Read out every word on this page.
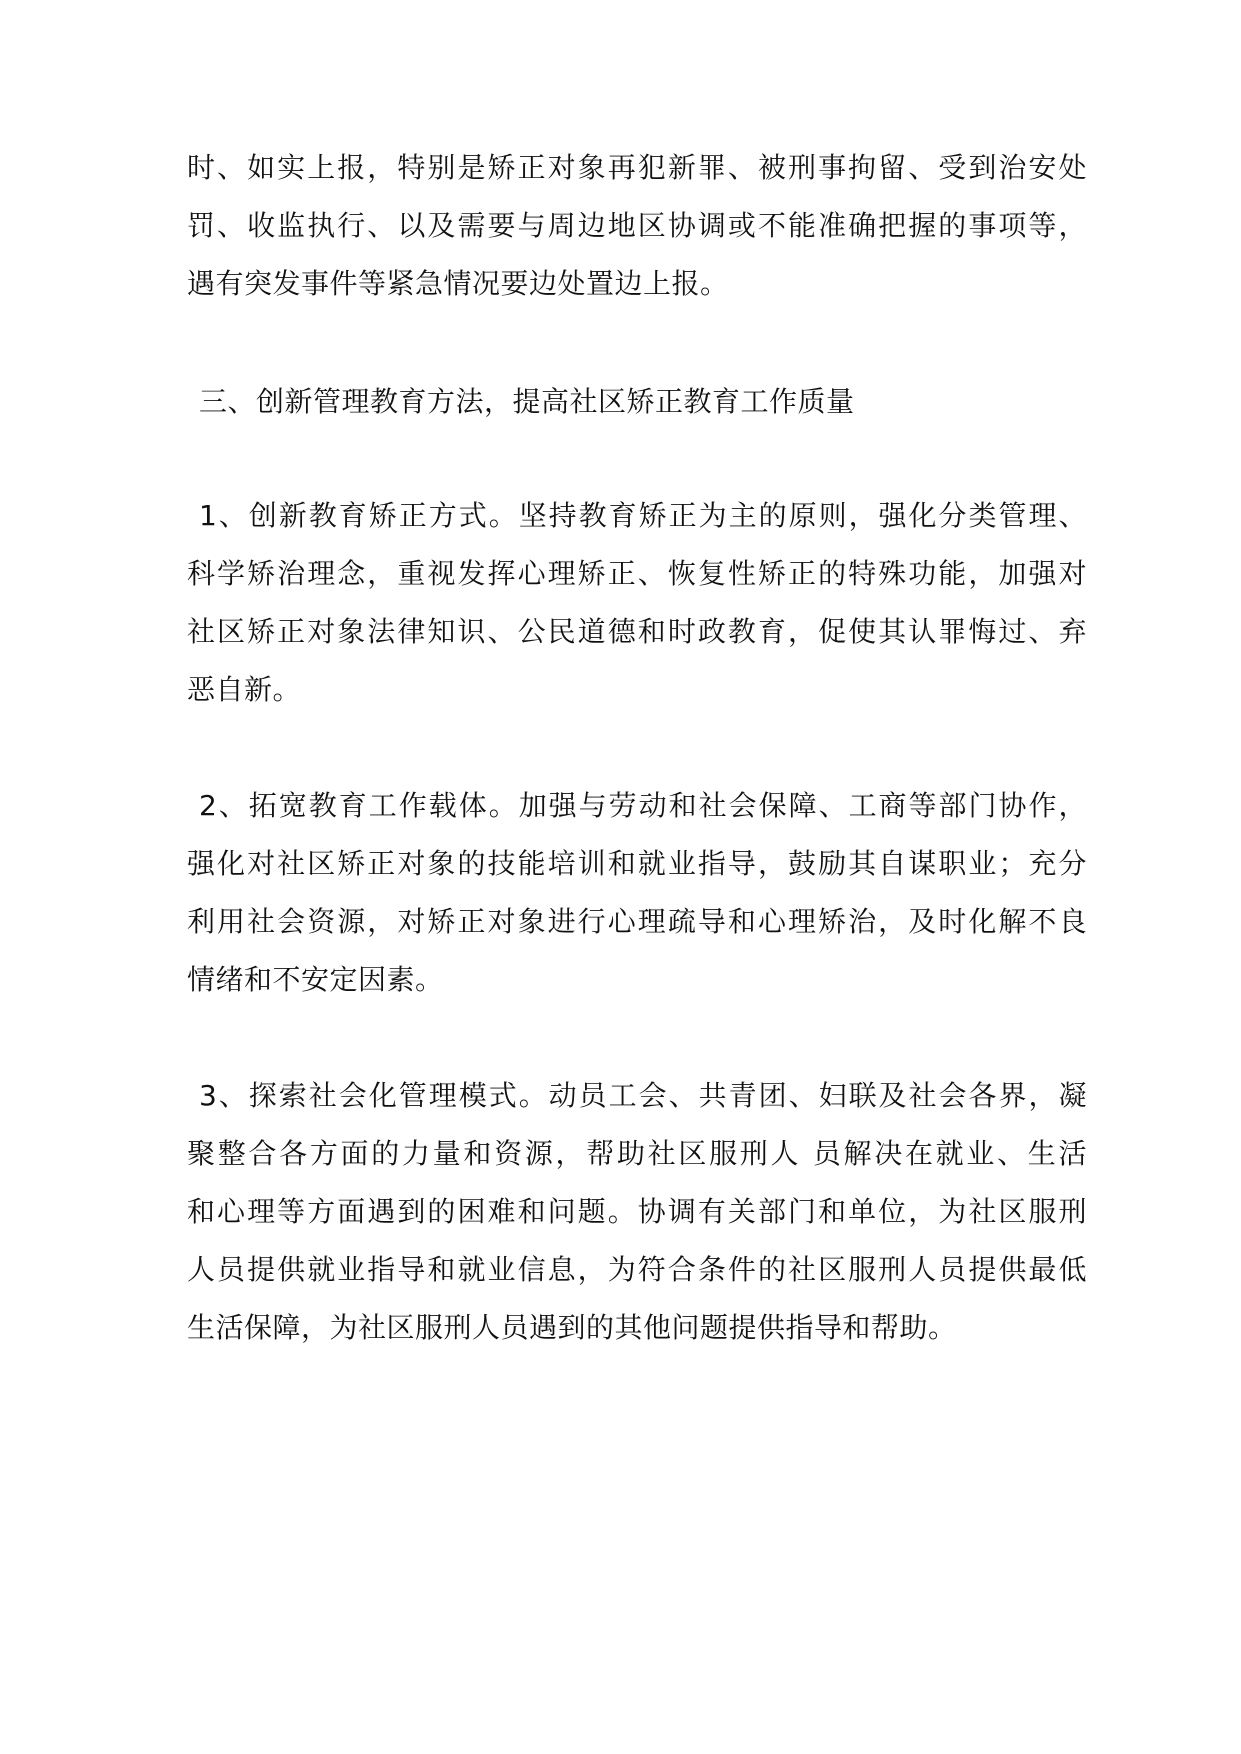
时、如实上报，特别是矫正对象再犯新罪、被刑事拘留、受到治安处
罚、收监执行、以及需要与周边地区协调或不能准确把握的事项等，
遇有突发事件等紧急情况要边处置边上报。
三、创新管理教育方法，提高社区矫正教育工作质量
1、创新教育矫正方式。坚持教育矫正为主的原则，强化分类管理、
科学矫治理念，重视发挥心理矫正、恢复性矫正的特殊功能，加强对
社区矫正对象法律知识、公民道德和时政教育，促使其认罪悔过、弃
恶自新。
2、拓宽教育工作载体。加强与劳动和社会保障、工商等部门协作，
强化对社区矫正对象的技能培训和就业指导，鼓励其自谋职业；充分
利用社会资源，对矫正对象进行心理疏导和心理矫治，及时化解不良
情绪和不安定因素。
3、探索社会化管理模式。动员工会、共青团、妇联及社会各界，凝
聚整合各方面的力量和资源，帮助社区服刑人 员解决在就业、生活
和心理等方面遇到的困难和问题。协调有关部门和单位，为社区服刑
人员提供就业指导和就业信息，为符合条件的社区服刑人员提供最低
生活保障，为社区服刑人员遇到的其他问题提供指导和帮助。
